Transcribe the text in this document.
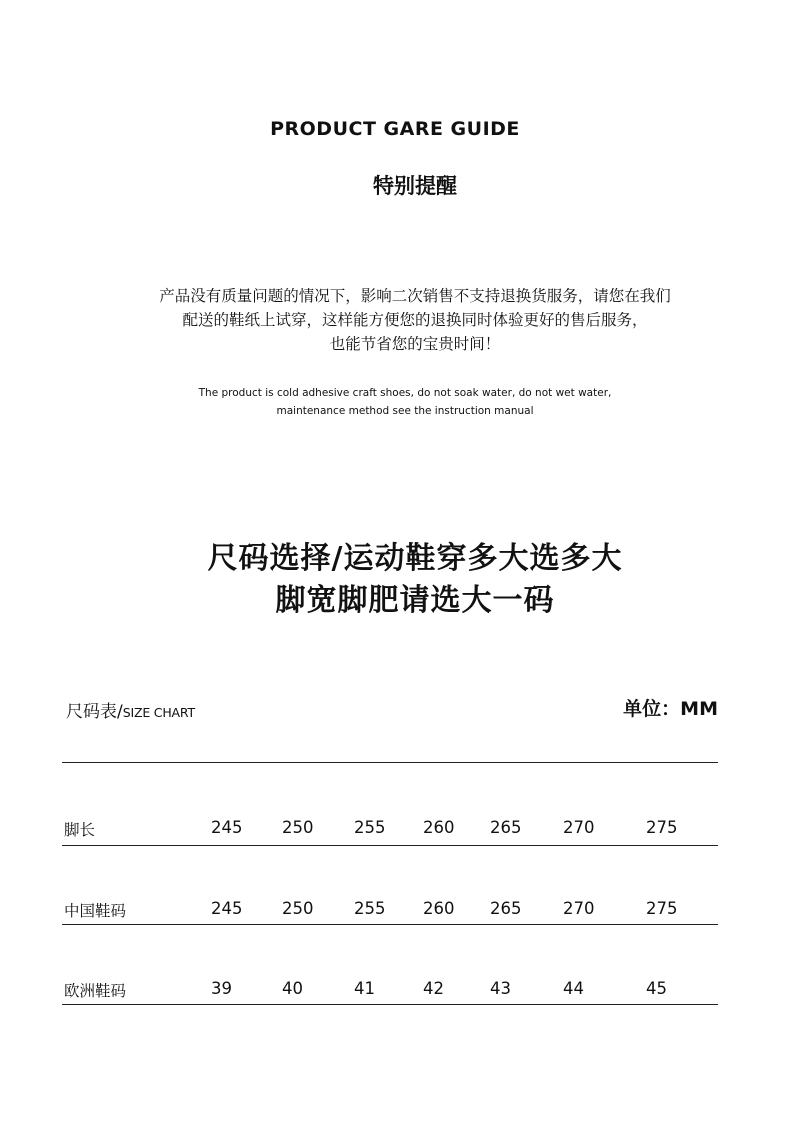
PRODUCT GARE GUIDE
特别提醒
产品没有质量问题的情况下，影响二次销售不支持退换货服务，请您在我们
配送的鞋纸上试穿，这样能方便您的退换同时体验更好的售后服务，
也能节省您的宝贵时间！
The product is cold adhesive craft shoes, do not soak water, do not wet water,
maintenance method see the instruction manual
尺码选择/运动鞋穿多大选多大
脚宽脚肥请选大一码
尺码表/SIZE CHART	单位：MM
脚长	245 250 255 260 265	270	275
中国鞋码	245 250 255 260 265	270	275
欧洲鞋码	39	40	41	42	43	44	45
